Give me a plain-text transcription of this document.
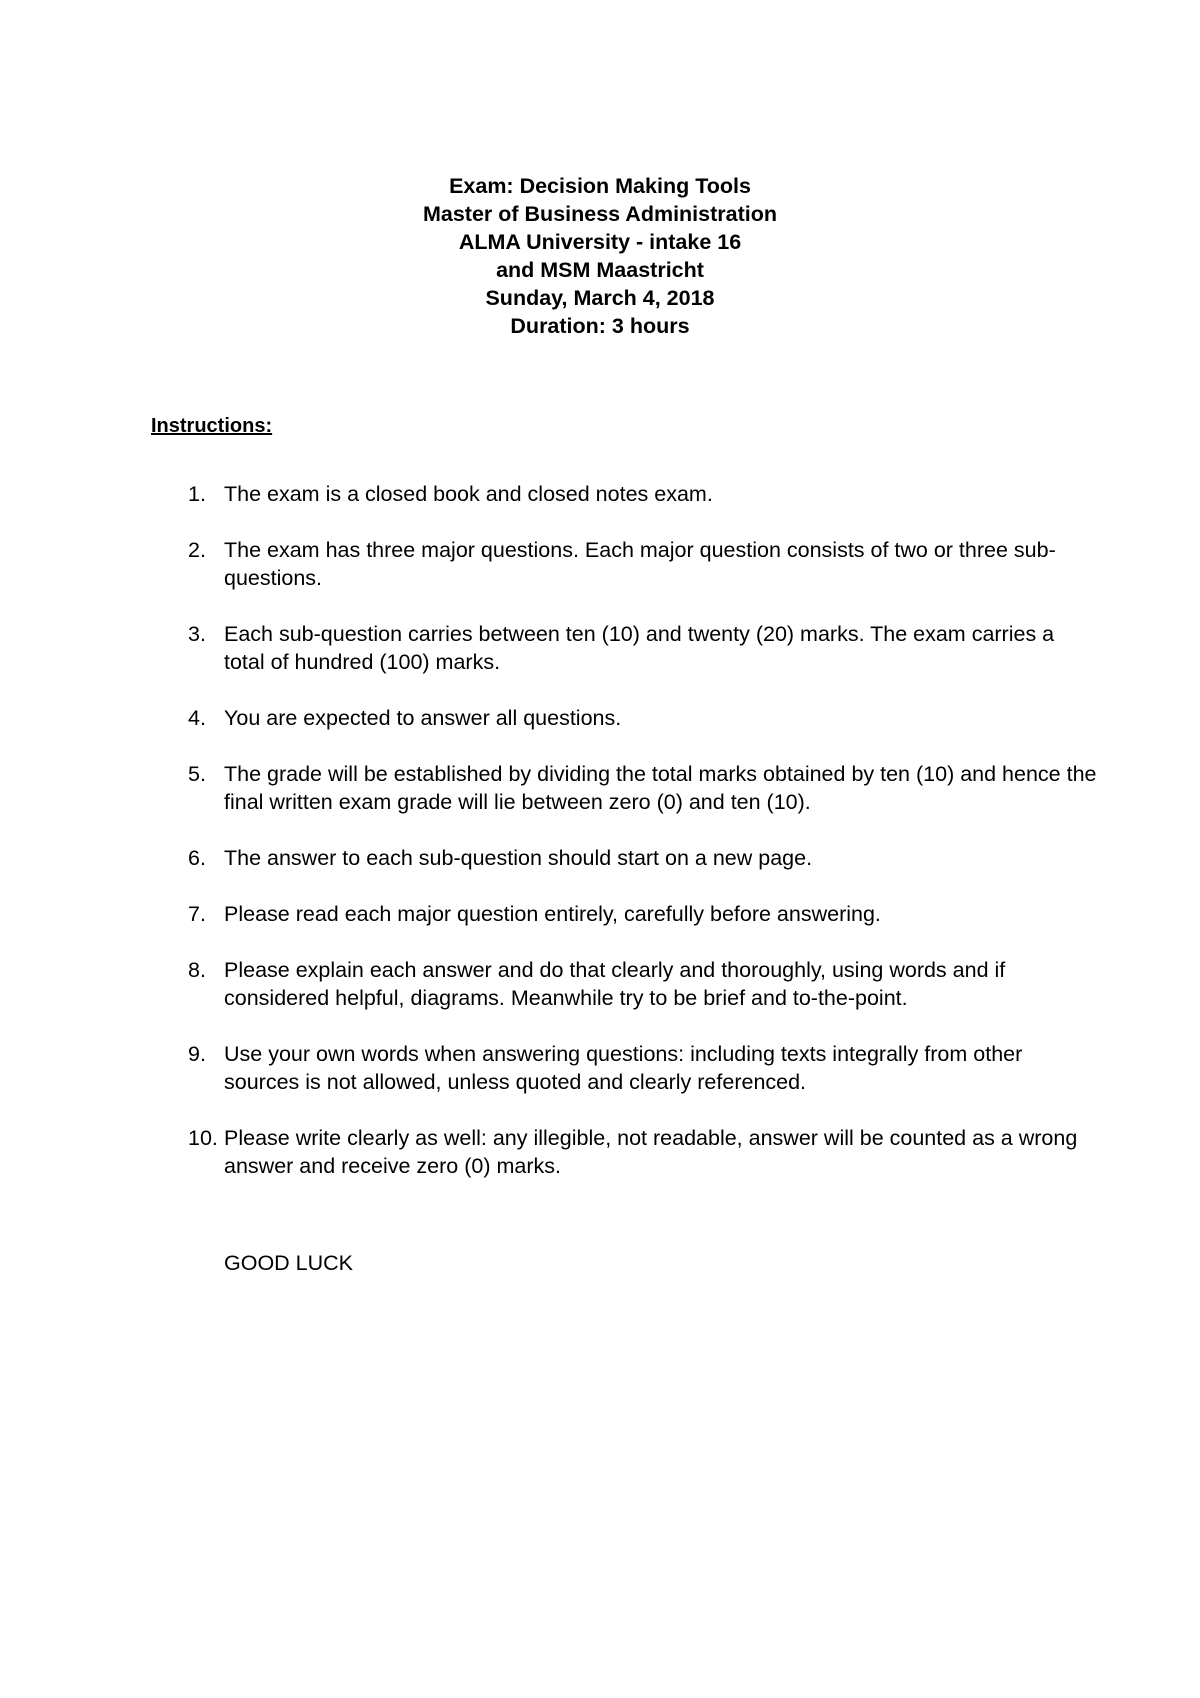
Exam: Decision Making Tools
Master of Business Administration
ALMA University - intake 16
and MSM Maastricht
Sunday, March 4, 2018
Duration: 3 hours
Instructions:
1. The exam is a closed book and closed notes exam.
2. The exam has three major questions. Each major question consists of two or three sub-questions.
3. Each sub-question carries between ten (10) and twenty (20) marks. The exam carries a total of hundred (100) marks.
4. You are expected to answer all questions.
5. The grade will be established by dividing the total marks obtained by ten (10) and hence the final written exam grade will lie between zero (0) and ten (10).
6. The answer to each sub-question should start on a new page.
7. Please read each major question entirely, carefully before answering.
8. Please explain each answer and do that clearly and thoroughly, using words and if considered helpful, diagrams. Meanwhile try to be brief and to-the-point.
9. Use your own words when answering questions: including texts integrally from other sources is not allowed, unless quoted and clearly referenced.
10. Please write clearly as well: any illegible, not readable, answer will be counted as a wrong answer and receive zero (0) marks.
GOOD LUCK
